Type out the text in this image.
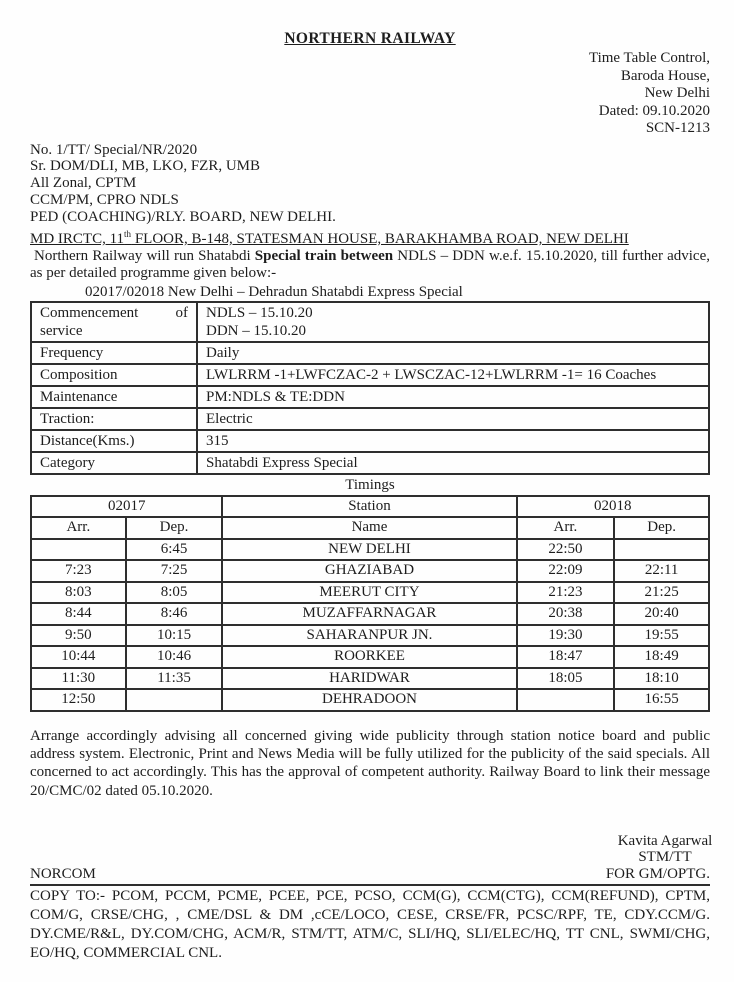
NORTHERN RAILWAY
Time Table Control,
Baroda House,
New Delhi
Dated: 09.10.2020
SCN-1213
No. 1/TT/ Special/NR/2020
Sr. DOM/DLI, MB, LKO, FZR, UMB
All Zonal, CPTM
CCM/PM, CPRO NDLS
PED (COACHING)/RLY. BOARD, NEW DELHI.
MD IRCTC, 11th FLOOR, B-148, STATESMAN HOUSE, BARAKHAMBA ROAD, NEW DELHI
Northern Railway will run Shatabdi Special train between NDLS – DDN w.e.f. 15.10.2020, till further advice, as per detailed programme given below:-
02017/02018 New Delhi – Dehradun Shatabdi Express Special
Commencement of service	NDLS – 15.10.20
DDN – 15.10.20

Frequency	Daily

Composition	LWLRRM -1+LWFCZAC-2 + LWSCZAC-12+LWLRRM -1= 16 Coaches

Maintenance	PM:NDLS & TE:DDN

Traction:	Electric

Distance(Kms.)	315

Category	Shatabdi Express Special
Timings
02017		Station	02018	
Arr.	Dep.	Name	Arr.	Dep.
	6:45	NEW DELHI	22:50	
7:23	7:25	GHAZIABAD	22:09	22:11
8:03	8:05	MEERUT CITY	21:23	21:25
8:44	8:46	MUZAFFARNAGAR	20:38	20:40
9:50	10:15	SAHARANPUR JN.	19:30	19:55
10:44	10:46	ROORKEE	18:47	18:49
11:30	11:35	HARIDWAR	18:05	18:10
12:50		DEHRADOON		16:55
Arrange accordingly advising all concerned giving wide publicity through station notice board and public address system. Electronic, Print and News Media will be fully utilized for the publicity of the said specials. All concerned to act accordingly. This has the approval of competent authority. Railway Board to link their message 20/CMC/02 dated 05.10.2020.
Kavita Agarwal
STM/TT
NORCOM	FOR GM/OPTG.
COPY TO:- PCOM, PCCM, PCME, PCEE, PCE, PCSO, CCM(G), CCM(CTG), CCM(REFUND), CPTM, COM/G, CRSE/CHG, , CME/DSL & DM ,cCE/LOCO, CESE, CRSE/FR, PCSC/RPF, TE, CDY.CCM/G. DY.CME/R&L, DY.COM/CHG, ACM/R, STM/TT, ATM/C, SLI/HQ, SLI/ELEC/HQ, TT CNL, SWMI/CHG, EO/HQ, COMMERCIAL CNL.
